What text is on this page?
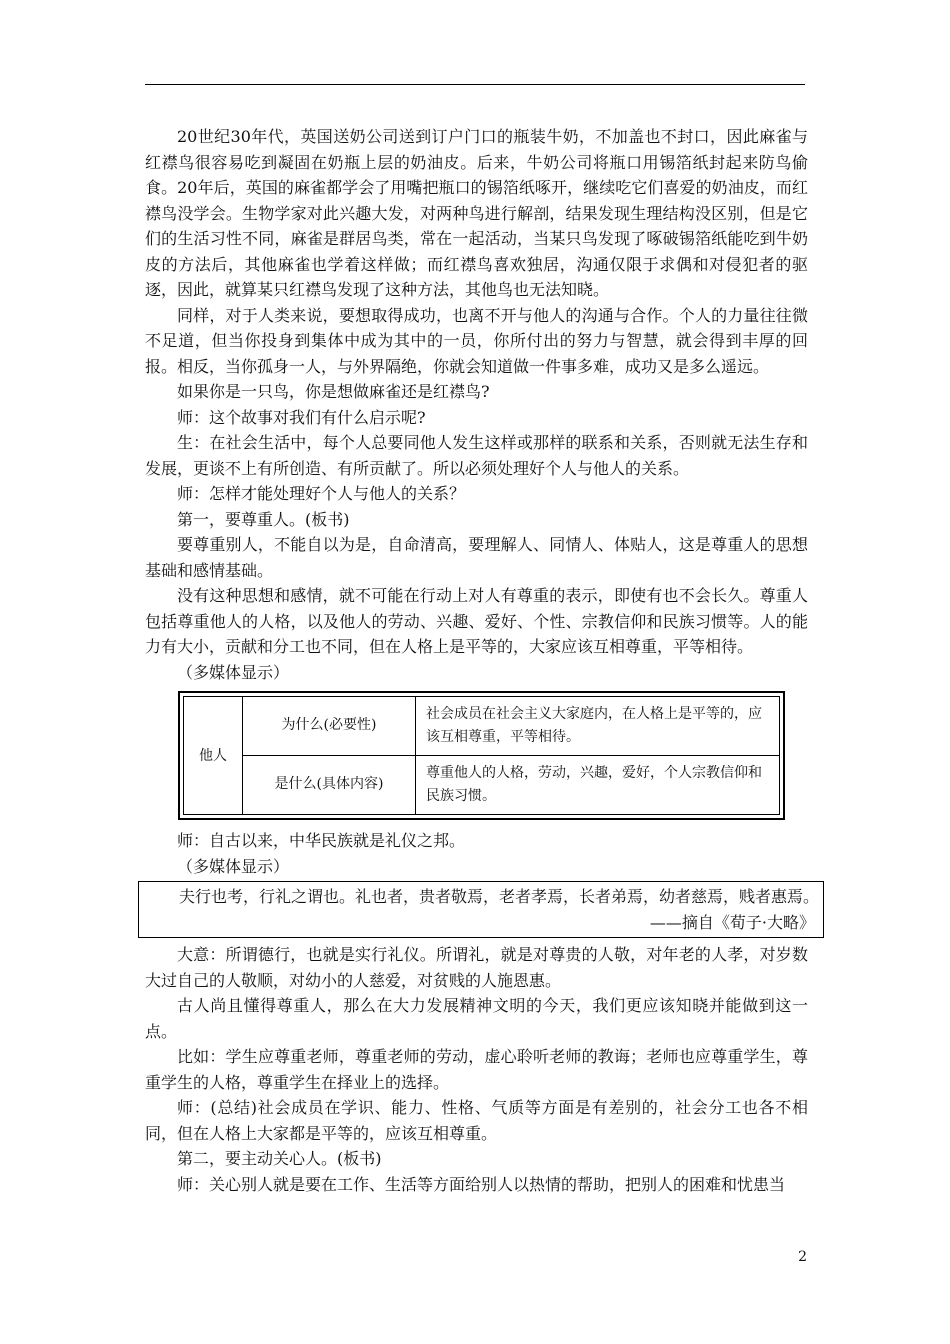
20世纪30年代，英国送奶公司送到订户门口的瓶装牛奶，不加盖也不封口，因此麻雀与红襟鸟很容易吃到凝固在奶瓶上层的奶油皮。后来，牛奶公司将瓶口用锡箔纸封起来防鸟偷食。20年后，英国的麻雀都学会了用嘴把瓶口的锡箔纸啄开，继续吃它们喜爱的奶油皮，而红襟鸟没学会。生物学家对此兴趣大发，对两种鸟进行解剖，结果发现生理结构没区别，但是它们的生活习性不同，麻雀是群居鸟类，常在一起活动，当某只鸟发现了啄破锡箔纸能吃到牛奶皮的方法后，其他麻雀也学着这样做；而红襟鸟喜欢独居，沟通仅限于求偶和对侵犯者的驱逐，因此，就算某只红襟鸟发现了这种方法，其他鸟也无法知晓。

同样，对于人类来说，要想取得成功，也离不开与他人的沟通与合作。个人的力量往往微不足道，但当你投身到集体中成为其中的一员，你所付出的努力与智慧，就会得到丰厚的回报。相反，当你孤身一人，与外界隔绝，你就会知道做一件事多难，成功又是多么遥远。

如果你是一只鸟，你是想做麻雀还是红襟鸟?

师：这个故事对我们有什么启示呢?

生：在社会生活中，每个人总要同他人发生这样或那样的联系和关系，否则就无法生存和发展，更谈不上有所创造、有所贡献了。所以必须处理好个人与他人的关系。

师：怎样才能处理好个人与他人的关系？

第一，要尊重人。(板书)

要尊重别人，不能自以为是，自命清高，要理解人、同情人、体贴人，这是尊重人的思想基础和感情基础。

没有这种思想和感情，就不可能在行动上对人有尊重的表示，即使有也不会长久。尊重人包括尊重他人的人格，以及他人的劳动、兴趣、爱好、个性、宗教信仰和民族习惯等。人的能力有大小，贡献和分工也不同，但在人格上是平等的，大家应该互相尊重，平等相待。

（多媒体显示）

他人	为什么(必要性)	社会成员在社会主义大家庭内，在人格上是平等的，应该互相尊重，平等相待。
	是什么(具体内容)	尊重他人的人格，劳动，兴趣，爱好，个人宗教信仰和民族习惯。

师：自古以来，中华民族就是礼仪之邦。

（多媒体显示）

夫行也考，行礼之谓也。礼也者，贵者敬焉，老者孝焉，长者弟焉，幼者慈焉，贱者惠焉。

——摘自《荀子·大略》

大意：所谓德行，也就是实行礼仪。所谓礼，就是对尊贵的人敬，对年老的人孝，对岁数大过自己的人敬顺，对幼小的人慈爱，对贫贱的人施恩惠。

古人尚且懂得尊重人，那么在大力发展精神文明的今天，我们更应该知晓并能做到这一点。

比如：学生应尊重老师，尊重老师的劳动，虚心聆听老师的教诲；老师也应尊重学生，尊重学生的人格，尊重学生在择业上的选择。

师：(总结)社会成员在学识、能力、性格、气质等方面是有差别的，社会分工也各不相同，但在人格上大家都是平等的，应该互相尊重。

第二，要主动关心人。(板书)

师：关心别人就是要在工作、生活等方面给别人以热情的帮助，把别人的困难和忧患当

2
